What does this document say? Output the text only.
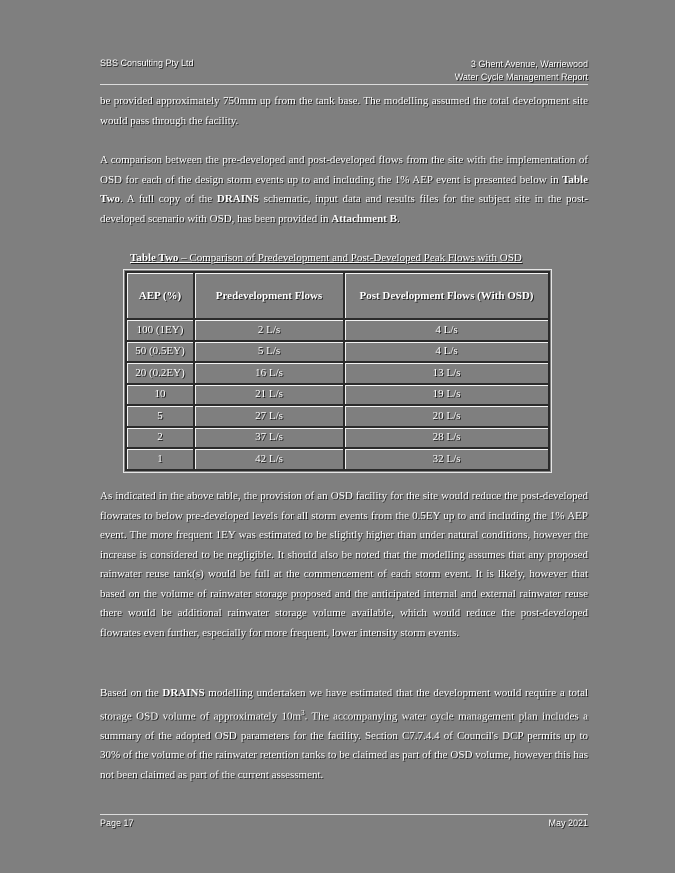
SBS Consulting Pty Ltd	3 Ghent Avenue, Warriewood
Water Cycle Management Report
be provided approximately 750mm up from the tank base. The modelling assumed the total development site would pass through the facility.
A comparison between the pre-developed and post-developed flows from the site with the implementation of OSD for each of the design storm events up to and including the 1% AEP event is presented below in Table Two. A full copy of the DRAINS schematic, input data and results files for the subject site in the post-developed scenario with OSD, has been provided in Attachment B.
Table Two – Comparison of Predevelopment and Post-Developed Peak Flows with OSD
AEP (%)	Predevelopment Flows	Post Development Flows (With OSD)
100 (1EY)	2 L/s	4 L/s
50 (0.5EY)	5 L/s	4 L/s
20 (0.2EY)	16 L/s	13 L/s
10	21 L/s	19 L/s
5	27 L/s	20 L/s
2	37 L/s	28 L/s
1	42 L/s	32 L/s
As indicated in the above table, the provision of an OSD facility for the site would reduce the post-developed flowrates to below pre-developed levels for all storm events from the 0.5EY up to and including the 1% AEP event. The more frequent 1EY was estimated to be slightly higher than under natural conditions, however the increase is considered to be negligible. It should also be noted that the modelling assumes that any proposed rainwater reuse tank(s) would be full at the commencement of each storm event. It is likely, however that based on the volume of rainwater storage proposed and the anticipated internal and external rainwater reuse there would be additional rainwater storage volume available, which would reduce the post-developed flowrates even further, especially for more frequent, lower intensity storm events.
Based on the DRAINS modelling undertaken we have estimated that the development would require a total storage OSD volume of approximately $10m^3$. The accompanying water cycle management plan includes a summary of the adopted OSD parameters for the facility. Section C7.7.4.4 of Council's DCP permits up to 30% of the volume of the rainwater retention tanks to be claimed as part of the OSD volume, however this has not been claimed as part of the current assessment.
Page 17	May 2021
